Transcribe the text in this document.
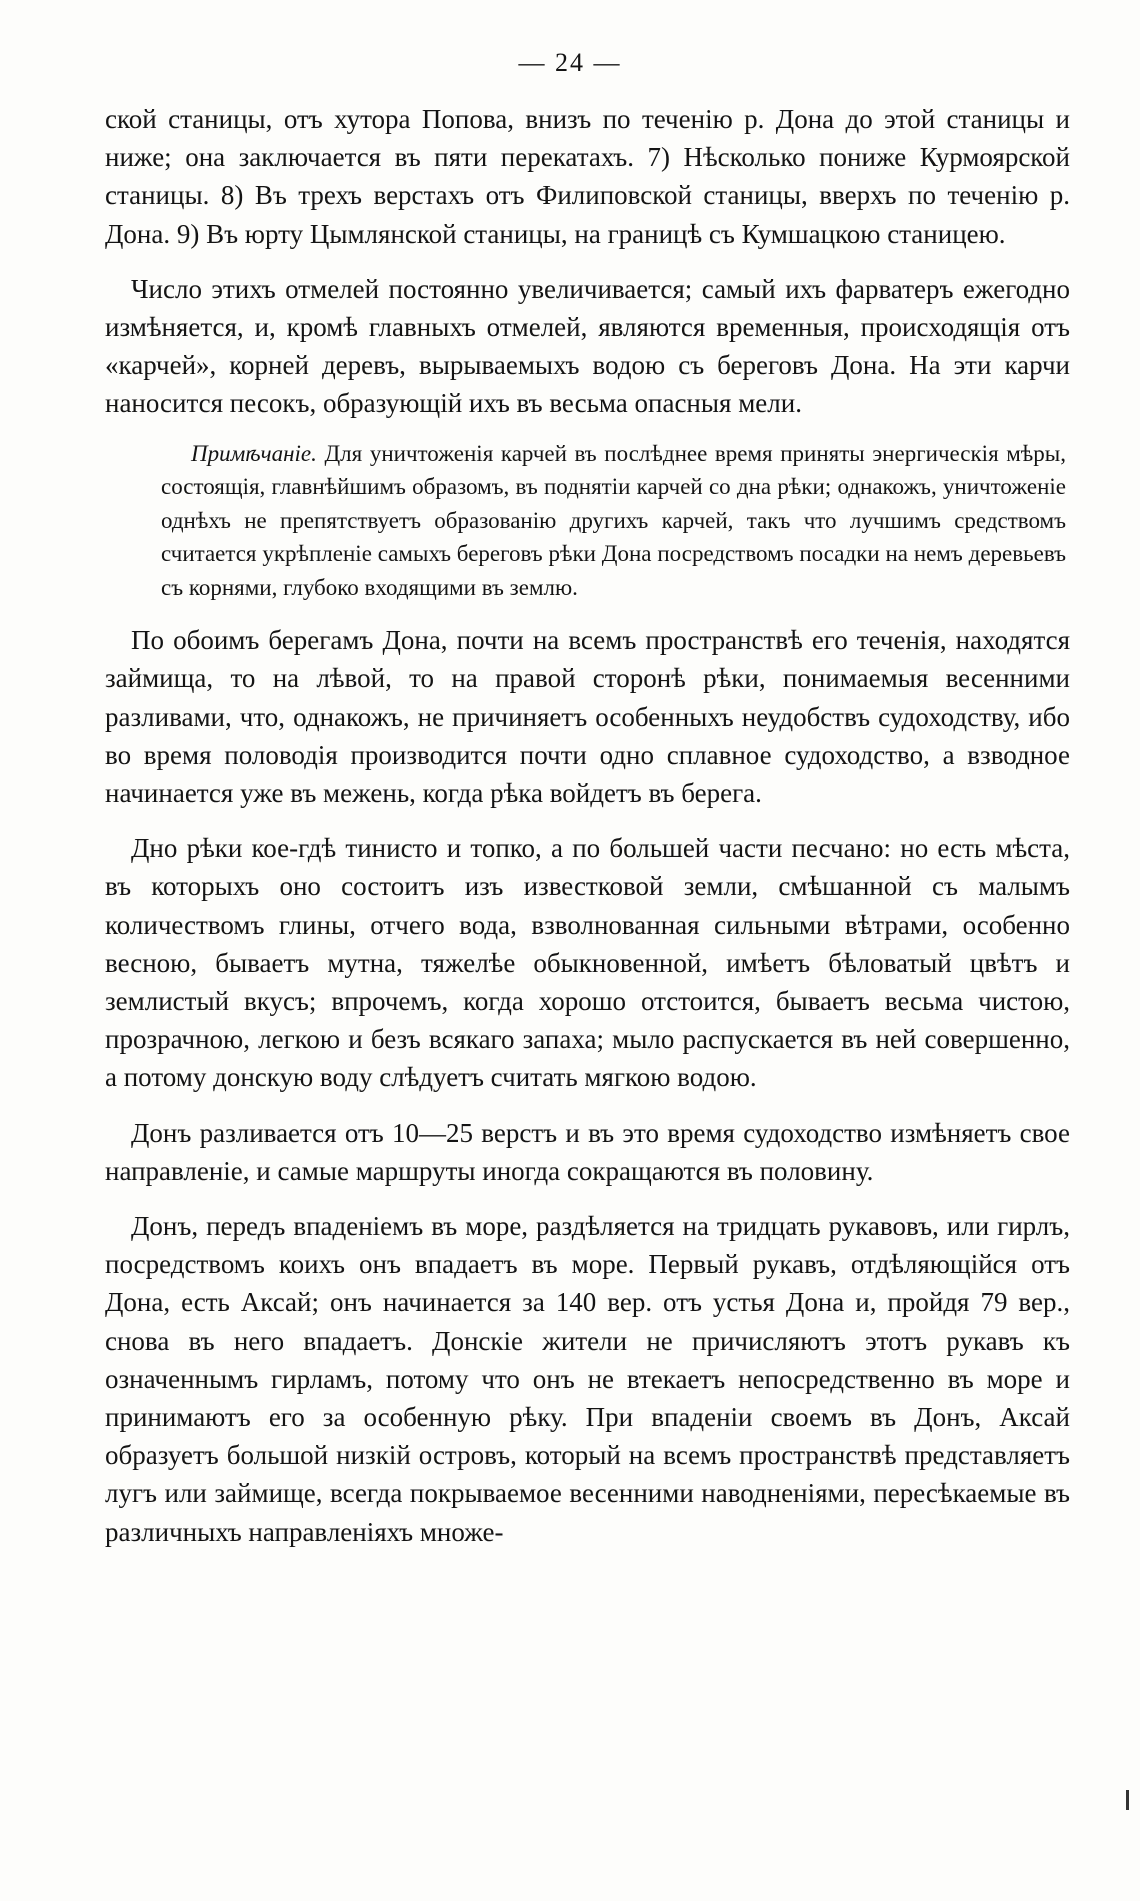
— 24 —

ской станицы, отъ хутора Попова, внизъ по теченію р. Дона до этой станицы и ниже; она заключается въ пяти перекатахъ. 7) Нѣсколько пониже Курмоярской станицы. 8) Въ трехъ верстахъ отъ Филиповской станицы, вверхъ по теченію р. Дона. 9) Въ юрту Цымлянской станицы, на границѣ съ Кумшацкою станицею.

Число этихъ отмелей постоянно увеличивается; самый ихъ фарватеръ ежегодно измѣняется, и, кромѣ главныхъ отмелей, являются временныя, происходящія отъ «карчей», корней деревъ, вырываемыхъ водою съ береговъ Дона. На эти карчи наносится песокъ, образующій ихъ въ весьма опасныя мели.

Примѣчаніе. Для уничтоженія карчей въ послѣднее время приняты энергическія мѣры, состоящія, главнѣйшимъ образомъ, въ поднятіи карчей со дна рѣки; однакожъ, уничтоженіе однѣхъ не препятствуетъ образованію другихъ карчей, такъ что лучшимъ средствомъ считается укрѣпленіе самыхъ береговъ рѣки Дона посредствомъ посадки на немъ деревьевъ съ корнями, глубоко входящими въ землю.

По обоимъ берегамъ Дона, почти на всемъ пространствѣ его теченія, находятся займища, то на лѣвой, то на правой сторонѣ рѣки, понимаемыя весенними разливами, что, однакожъ, не причиняетъ особенныхъ неудобствъ судоходству, ибо во время половодія производится почти одно сплавное судоходство, а взводное начинается уже въ межень, когда рѣка войдетъ въ берега.

Дно рѣки кое-гдѣ тинисто и топко, а по большей части песчано: но есть мѣста, въ которыхъ оно состоитъ изъ известковой земли, смѣшанной съ малымъ количествомъ глины, отчего вода, взволнованная сильными вѣтрами, особенно весною, бываетъ мутна, тяжелѣе обыкновенной, имѣетъ бѣловатый цвѣтъ и землистый вкусъ; впрочемъ, когда хорошо отстоится, бываетъ весьма чистою, прозрачною, легкою и безъ всякаго запаха; мыло распускается въ ней совершенно, а потому донскую воду слѣдуетъ считать мягкою водою.

Донъ разливается отъ 10—25 верстъ и въ это время судоходство измѣняетъ свое направленіе, и самые маршруты иногда сокращаются въ половину.

Донъ, передъ впаденіемъ въ море, раздѣляется на тридцать рукавовъ, или гирлъ, посредствомъ коихъ онъ впадаетъ въ море. Первый рукавъ, отдѣляющійся отъ Дона, есть Аксай; онъ начинается за 140 вер. отъ устья Дона и, пройдя 79 вер., снова въ него впадаетъ. Донскіе жители не причисляютъ этотъ рукавъ къ означеннымъ гирламъ, потому что онъ не втекаетъ непосредственно въ море и принимаютъ его за особенную рѣку. При впаденіи своемъ въ Донъ, Аксай образуетъ большой низкій островъ, который на всемъ пространствѣ представляетъ лугъ или займище, всегда покрываемое весенними наводненіями, пересѣкаемые въ различныхъ направленіяхъ множе-
